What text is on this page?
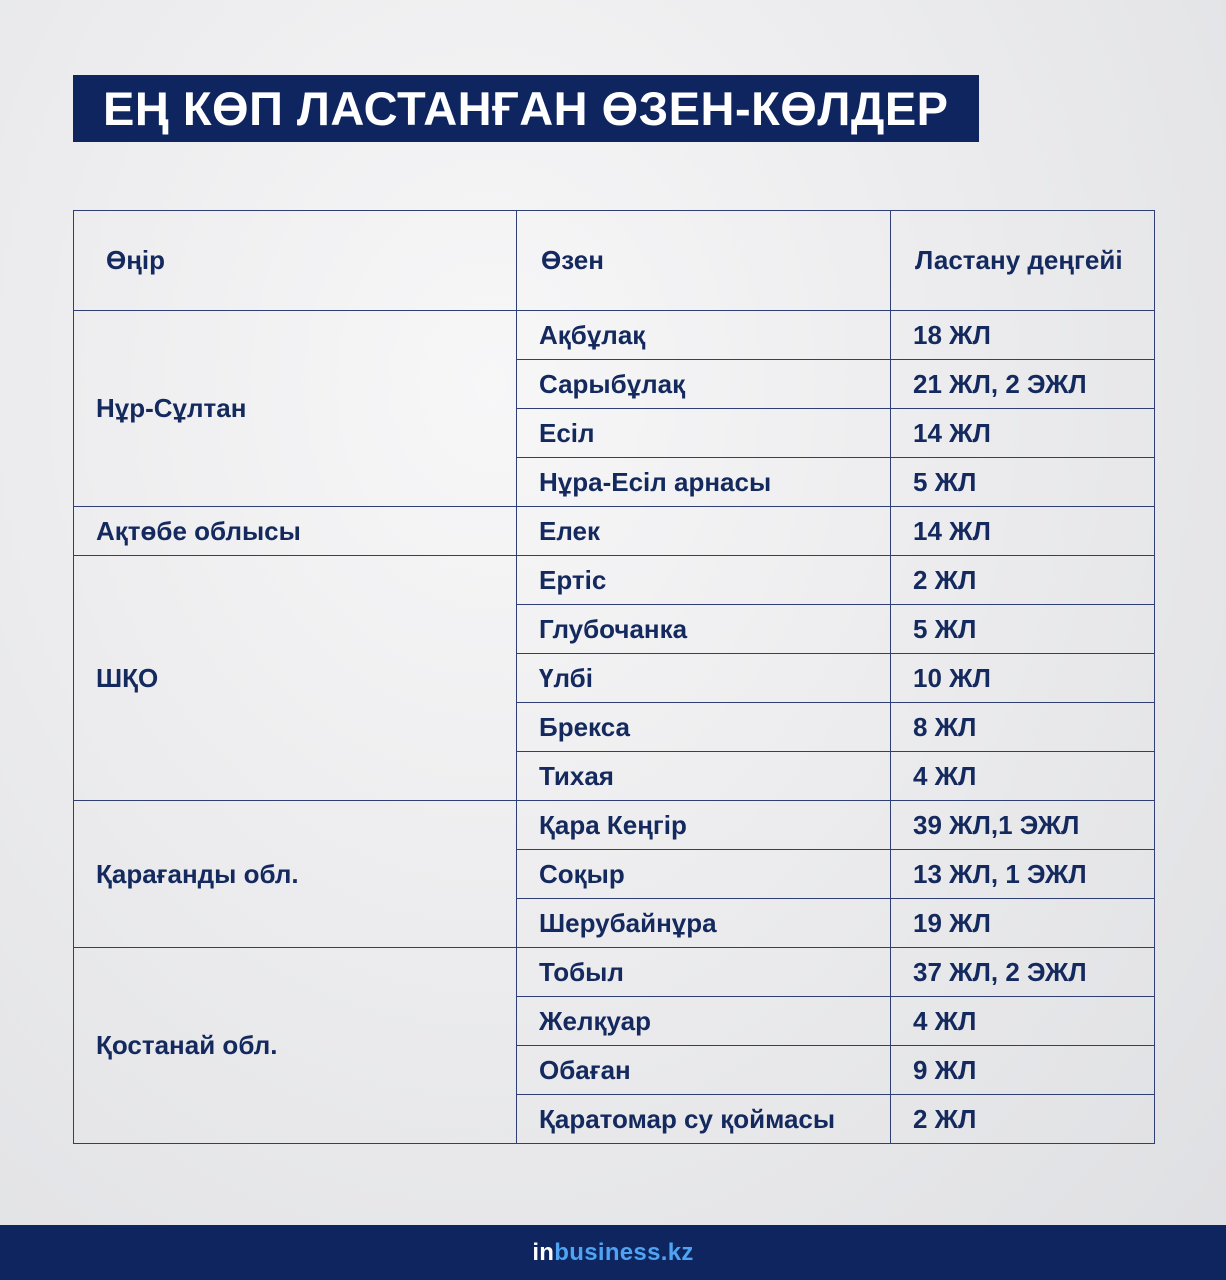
ЕҢ КӨП ЛАСТАНҒАН ӨЗЕН-КӨЛДЕР
Өңір	Өзен	Ластану деңгейі
Нұр-Сұлтан	Ақбұлақ	18 ЖЛ
	Сарыбұлақ	21 ЖЛ, 2 ЭЖЛ
	Есіл	14 ЖЛ
	Нұра-Есіл арнасы	5 ЖЛ
Ақтөбе облысы	Елек	14 ЖЛ
ШҚО	Ертіс	2 ЖЛ
	Глубочанка	5 ЖЛ
	Үлбі	10 ЖЛ
	Брекса	8 ЖЛ
	Тихая	4 ЖЛ
Қарағанды обл.	Қара Кеңгір	39 ЖЛ,1 ЭЖЛ
	Соқыр	13 ЖЛ, 1 ЭЖЛ
	Шерубайнұра	19 ЖЛ
Қостанай обл.	Тобыл	37 ЖЛ, 2 ЭЖЛ
	Желқуар	4 ЖЛ
	Обаған	9 ЖЛ
	Қаратомар су қоймасы	2 ЖЛ
inbusiness.kz
